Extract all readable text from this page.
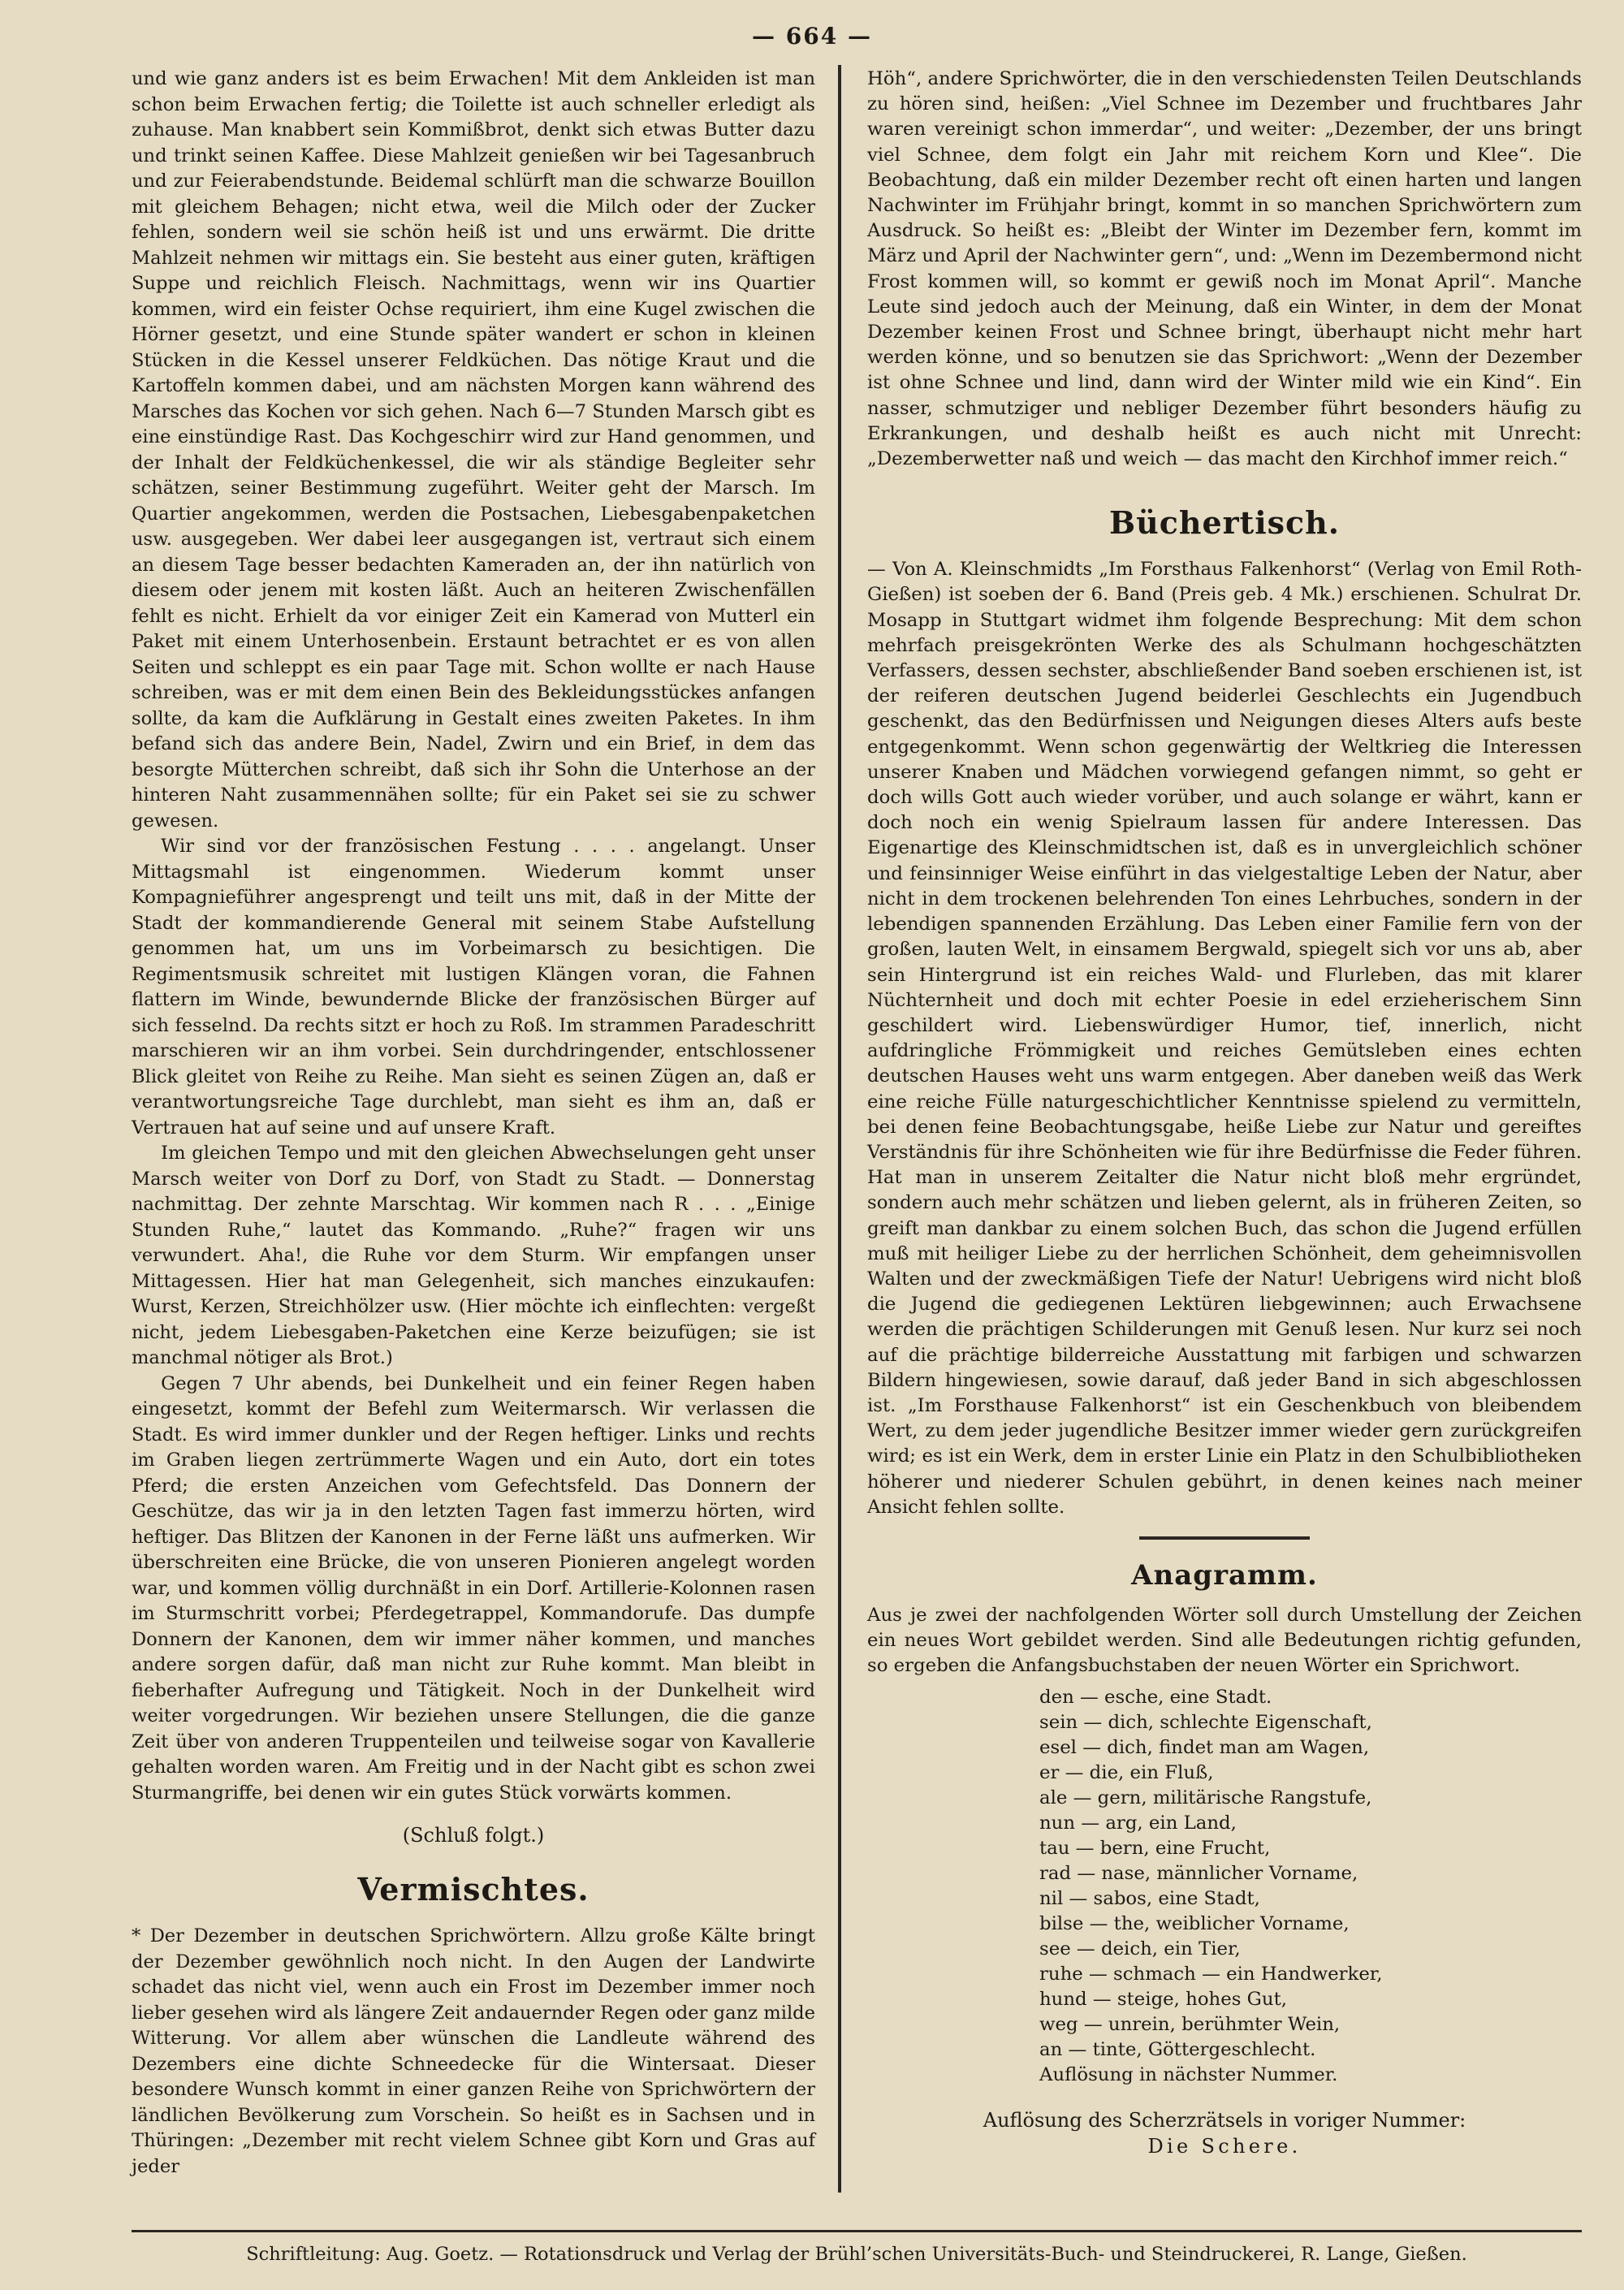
— 664 —

und wie ganz anders ist es beim Erwachen! Mit dem Ankleiden ist man schon beim Erwachen fertig; die Toilette ist auch schneller erledigt als zuhause. Man knabbert sein Kommißbrot, denkt sich etwas Butter dazu und trinkt seinen Kaffee. Diese Mahlzeit genießen wir bei Tagesanbruch und zur Feierabendstunde. Beidemal schlürft man die schwarze Bouillon mit gleichem Behagen; nicht etwa, weil die Milch oder der Zucker fehlen, sondern weil sie schön heiß ist und uns erwärmt. Die dritte Mahlzeit nehmen wir mittags ein. Sie besteht aus einer guten, kräftigen Suppe und reichlich Fleisch. Nachmittags, wenn wir ins Quartier kommen, wird ein feister Ochse requiriert, ihm eine Kugel zwischen die Hörner gesetzt, und eine Stunde später wandert er schon in kleinen Stücken in die Kessel unserer Feldküchen. Das nötige Kraut und die Kartoffeln kommen dabei, und am nächsten Morgen kann während des Marsches das Kochen vor sich gehen. Nach 6—7 Stunden Marsch gibt es eine einstündige Rast. Das Kochgeschirr wird zur Hand genommen, und der Inhalt der Feldküchenkessel, die wir als ständige Begleiter sehr schätzen, seiner Bestimmung zugeführt. Weiter geht der Marsch. Im Quartier angekommen, werden die Postsachen, Liebesgabenpaketchen usw. ausgegeben. Wer dabei leer ausgegangen ist, vertraut sich einem an diesem Tage besser bedachten Kameraden an, der ihn natürlich von diesem oder jenem mit kosten läßt. Auch an heiteren Zwischenfällen fehlt es nicht. Erhielt da vor einiger Zeit ein Kamerad von Mutterl ein Paket mit einem Unterhosenbein. Erstaunt betrachtet er es von allen Seiten und schleppt es ein paar Tage mit. Schon wollte er nach Hause schreiben, was er mit dem einen Bein des Bekleidungsstückes anfangen sollte, da kam die Aufklärung in Gestalt eines zweiten Paketes. In ihm befand sich das andere Bein, Nadel, Zwirn und ein Brief, in dem das besorgte Mütterchen schreibt, daß sich ihr Sohn die Unterhose an der hinteren Naht zusammennähen sollte; für ein Paket sei sie zu schwer gewesen.

Wir sind vor der französischen Festung . . . . angelangt. Unser Mittagsmahl ist eingenommen. Wiederum kommt unser Kompagnieführer angesprengt und teilt uns mit, daß in der Mitte der Stadt der kommandierende General mit seinem Stabe Aufstellung genommen hat, um uns im Vorbeimarsch zu besichtigen. Die Regimentsmusik schreitet mit lustigen Klängen voran, die Fahnen flattern im Winde, bewundernde Blicke der französischen Bürger auf sich fesselnd. Da rechts sitzt er hoch zu Roß. Im strammen Paradeschritt marschieren wir an ihm vorbei. Sein durchdringender, entschlossener Blick gleitet von Reihe zu Reihe. Man sieht es seinen Zügen an, daß er verantwortungsreiche Tage durchlebt, man sieht es ihm an, daß er Vertrauen hat auf seine und auf unsere Kraft.

Im gleichen Tempo und mit den gleichen Abwechselungen geht unser Marsch weiter von Dorf zu Dorf, von Stadt zu Stadt. — Donnerstag nachmittag. Der zehnte Marschtag. Wir kommen nach R . . . „Einige Stunden Ruhe,“ lautet das Kommando. „Ruhe?“ fragen wir uns verwundert. Aha!, die Ruhe vor dem Sturm. Wir empfangen unser Mittagessen. Hier hat man Gelegenheit, sich manches einzukaufen: Wurst, Kerzen, Streichhölzer usw. (Hier möchte ich einflechten: vergeßt nicht, jedem Liebesgaben-Paketchen eine Kerze beizufügen; sie ist manchmal nötiger als Brot.)

Gegen 7 Uhr abends, bei Dunkelheit und ein feiner Regen haben eingesetzt, kommt der Befehl zum Weitermarsch. Wir verlassen die Stadt. Es wird immer dunkler und der Regen heftiger. Links und rechts im Graben liegen zertrümmerte Wagen und ein Auto, dort ein totes Pferd; die ersten Anzeichen vom Gefechtsfeld. Das Donnern der Geschütze, das wir ja in den letzten Tagen fast immerzu hörten, wird heftiger. Das Blitzen der Kanonen in der Ferne läßt uns aufmerken. Wir überschreiten eine Brücke, die von unseren Pionieren angelegt worden war, und kommen völlig durchnäßt in ein Dorf. Artillerie-Kolonnen rasen im Sturmschritt vorbei; Pferdegetrappel, Kommandorufe. Das dumpfe Donnern der Kanonen, dem wir immer näher kommen, und manches andere sorgen dafür, daß man nicht zur Ruhe kommt. Man bleibt in fieberhafter Aufregung und Tätigkeit. Noch in der Dunkelheit wird weiter vorgedrungen. Wir beziehen unsere Stellungen, die die ganze Zeit über von anderen Truppenteilen und teilweise sogar von Kavallerie gehalten worden waren. Am Freitig und in der Nacht gibt es schon zwei Sturmangriffe, bei denen wir ein gutes Stück vorwärts kommen.

(Schluß folgt.)

Vermischtes.

* Der Dezember in deutschen Sprichwörtern. Allzu große Kälte bringt der Dezember gewöhnlich noch nicht. In den Augen der Landwirte schadet das nicht viel, wenn auch ein Frost im Dezember immer noch lieber gesehen wird als längere Zeit andauernder Regen oder ganz milde Witterung. Vor allem aber wünschen die Landleute während des Dezembers eine dichte Schneedecke für die Wintersaat. Dieser besondere Wunsch kommt in einer ganzen Reihe von Sprichwörtern der ländlichen Bevölkerung zum Vorschein. So heißt es in Sachsen und in Thüringen: „Dezember mit recht vielem Schnee gibt Korn und Gras auf jeder

Höh“, andere Sprichwörter, die in den verschiedensten Teilen Deutschlands zu hören sind, heißen: „Viel Schnee im Dezember und fruchtbares Jahr waren vereinigt schon immerdar“, und weiter: „Dezember, der uns bringt viel Schnee, dem folgt ein Jahr mit reichem Korn und Klee“. Die Beobachtung, daß ein milder Dezember recht oft einen harten und langen Nachwinter im Frühjahr bringt, kommt in so manchen Sprichwörtern zum Ausdruck. So heißt es: „Bleibt der Winter im Dezember fern, kommt im März und April der Nachwinter gern“, und: „Wenn im Dezembermond nicht Frost kommen will, so kommt er gewiß noch im Monat April“. Manche Leute sind jedoch auch der Meinung, daß ein Winter, in dem der Monat Dezember keinen Frost und Schnee bringt, überhaupt nicht mehr hart werden könne, und so benutzen sie das Sprichwort: „Wenn der Dezember ist ohne Schnee und lind, dann wird der Winter mild wie ein Kind“. Ein nasser, schmutziger und nebliger Dezember führt besonders häufig zu Erkrankungen, und deshalb heißt es auch nicht mit Unrecht: „Dezemberwetter naß und weich — das macht den Kirchhof immer reich.“

Büchertisch.

— Von A. Kleinschmidts „Im Forsthaus Falkenhorst“ (Verlag von Emil Roth-Gießen) ist soeben der 6. Band (Preis geb. 4 Mk.) erschienen. Schulrat Dr. Mosapp in Stuttgart widmet ihm folgende Besprechung: Mit dem schon mehrfach preisgekrönten Werke des als Schulmann hochgeschätzten Verfassers, dessen sechster, abschließender Band soeben erschienen ist, ist der reiferen deutschen Jugend beiderlei Geschlechts ein Jugendbuch geschenkt, das den Bedürfnissen und Neigungen dieses Alters aufs beste entgegenkommt. Wenn schon gegenwärtig der Weltkrieg die Interessen unserer Knaben und Mädchen vorwiegend gefangen nimmt, so geht er doch wills Gott auch wieder vorüber, und auch solange er währt, kann er doch noch ein wenig Spielraum lassen für andere Interessen. Das Eigenartige des Kleinschmidtschen ist, daß es in unvergleichlich schöner und feinsinniger Weise einführt in das vielgestaltige Leben der Natur, aber nicht in dem trockenen belehrenden Ton eines Lehrbuches, sondern in der lebendigen spannenden Erzählung. Das Leben einer Familie fern von der großen, lauten Welt, in einsamem Bergwald, spiegelt sich vor uns ab, aber sein Hintergrund ist ein reiches Wald- und Flurleben, das mit klarer Nüchternheit und doch mit echter Poesie in edel erzieherischem Sinn geschildert wird. Liebenswürdiger Humor, tief, innerlich, nicht aufdringliche Frömmigkeit und reiches Gemütsleben eines echten deutschen Hauses weht uns warm entgegen. Aber daneben weiß das Werk eine reiche Fülle naturgeschichtlicher Kenntnisse spielend zu vermitteln, bei denen feine Beobachtungsgabe, heiße Liebe zur Natur und gereiftes Verständnis für ihre Schönheiten wie für ihre Bedürfnisse die Feder führen. Hat man in unserem Zeitalter die Natur nicht bloß mehr ergründet, sondern auch mehr schätzen und lieben gelernt, als in früheren Zeiten, so greift man dankbar zu einem solchen Buch, das schon die Jugend erfüllen muß mit heiliger Liebe zu der herrlichen Schönheit, dem geheimnisvollen Walten und der zweckmäßigen Tiefe der Natur! Uebrigens wird nicht bloß die Jugend die gediegenen Lektüren liebgewinnen; auch Erwachsene werden die prächtigen Schilderungen mit Genuß lesen. Nur kurz sei noch auf die prächtige bilderreiche Ausstattung mit farbigen und schwarzen Bildern hingewiesen, sowie darauf, daß jeder Band in sich abgeschlossen ist. „Im Forsthause Falkenhorst“ ist ein Geschenkbuch von bleibendem Wert, zu dem jeder jugendliche Besitzer immer wieder gern zurückgreifen wird; es ist ein Werk, dem in erster Linie ein Platz in den Schulbibliotheken höherer und niederer Schulen gebührt, in denen keines nach meiner Ansicht fehlen sollte.

Anagramm.

Aus je zwei der nachfolgenden Wörter soll durch Umstellung der Zeichen ein neues Wort gebildet werden. Sind alle Bedeutungen richtig gefunden, so ergeben die Anfangsbuchstaben der neuen Wörter ein Sprichwort.

den — esche, eine Stadt.
sein — dich, schlechte Eigenschaft,
esel — dich, findet man am Wagen,
er — die, ein Fluß,
ale — gern, militärische Rangstufe,
nun — arg, ein Land,
tau — bern, eine Frucht,
rad — nase, männlicher Vorname,
nil — sabos, eine Stadt,
bilse — the, weiblicher Vorname,
see — deich, ein Tier,
ruhe — schmach — ein Handwerker,
hund — steige, hohes Gut,
weg — unrein, berühmter Wein,
an — tinte, Göttergeschlecht.
Auflösung in nächster Nummer.
Auflösung des Scherzrätsels in voriger Nummer:
Die Schere.
Schriftleitung: Aug. Goetz. — Rotationsdruck und Verlag der Brühl’schen Universitäts-Buch- und Steindruckerei, R. Lange, Gießen.
